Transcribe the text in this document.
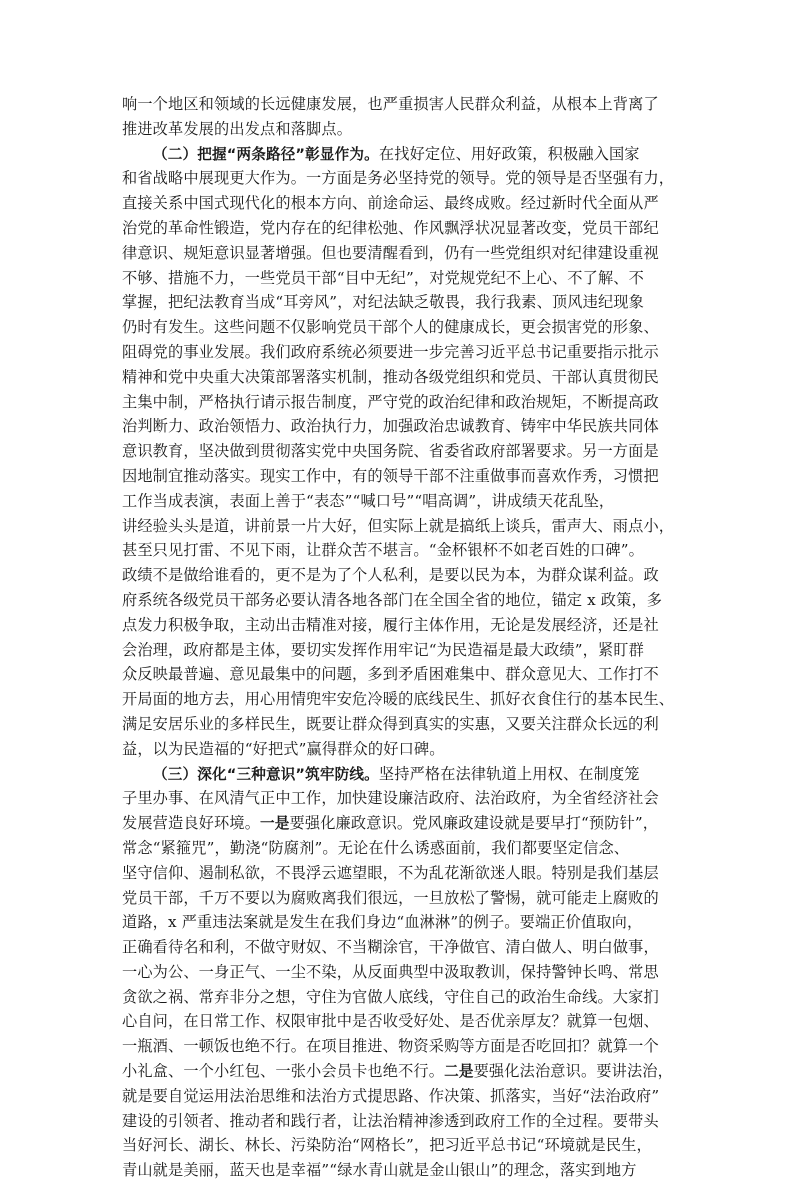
响一个地区和领域的长远健康发展，也严重损害人民群众利益，从根本上背离了
推进改革发展的出发点和落脚点。
（二）把握“两条路径”彰显作为。在找好定位、用好政策，积极融入国家
和省战略中展现更大作为。一方面是务必坚持党的领导。党的领导是否坚强有力，
直接关系中国式现代化的根本方向、前途命运、最终成败。经过新时代全面从严
治党的革命性锻造，党内存在的纪律松弛、作风飘浮状况显著改变，党员干部纪
律意识、规矩意识显著增强。但也要清醒看到，仍有一些党组织对纪律建设重视
不够、措施不力，一些党员干部“目中无纪”，对党规党纪不上心、不了解、不
掌握，把纪法教育当成“耳旁风”，对纪法缺乏敬畏，我行我素、顶风违纪现象
仍时有发生。这些问题不仅影响党员干部个人的健康成长，更会损害党的形象、
阻碍党的事业发展。我们政府系统必须要进一步完善习近平总书记重要指示批示
精神和党中央重大决策部署落实机制，推动各级党组织和党员、干部认真贯彻民
主集中制，严格执行请示报告制度，严守党的政治纪律和政治规矩，不断提高政
治判断力、政治领悟力、政治执行力，加强政治忠诚教育、铸牢中华民族共同体
意识教育，坚决做到贯彻落实党中央国务院、省委省政府部署要求。另一方面是
因地制宜推动落实。现实工作中，有的领导干部不注重做事而喜欢作秀，习惯把
工作当成表演，表面上善于“表态”“喊口号”“唱高调”，讲成绩天花乱坠，
讲经验头头是道，讲前景一片大好，但实际上就是搞纸上谈兵，雷声大、雨点小，
甚至只见打雷、不见下雨，让群众苦不堪言。“金杯银杯不如老百姓的口碑”。
政绩不是做给谁看的，更不是为了个人私利，是要以民为本，为群众谋利益。政
府系统各级党员干部务必要认清各地各部门在全国全省的地位，锚定 x 政策，多
点发力积极争取，主动出击精准对接，履行主体作用，无论是发展经济，还是社
会治理，政府都是主体，要切实发挥作用牢记“为民造福是最大政绩”，紧盯群
众反映最普遍、意见最集中的问题，多到矛盾困难集中、群众意见大、工作打不
开局面的地方去，用心用情兜牢安危冷暖的底线民生、抓好衣食住行的基本民生、
满足安居乐业的多样民生，既要让群众得到真实的实惠，又要关注群众长远的利
益，以为民造福的“好把式”赢得群众的好口碑。
（三）深化“三种意识”筑牢防线。坚持严格在法律轨道上用权、在制度笼
子里办事、在风清气正中工作，加快建设廉洁政府、法治政府，为全省经济社会
发展营造良好环境。一是要强化廉政意识。党风廉政建设就是要早打“预防针”，
常念“紧箍咒”，勤浇“防腐剂”。无论在什么诱惑面前，我们都要坚定信念、
坚守信仰、遏制私欲，不畏浮云遮望眼，不为乱花渐欲迷人眼。特别是我们基层
党员干部，千万不要以为腐败离我们很远，一旦放松了警惕，就可能走上腐败的
道路，x 严重违法案就是发生在我们身边“血淋淋”的例子。要端正价值取向，
正确看待名和利，不做守财奴、不当糊涂官，干净做官、清白做人、明白做事，
一心为公、一身正气、一尘不染，从反面典型中汲取教训，保持警钟长鸣、常思
贪欲之祸、常弃非分之想，守住为官做人底线，守住自己的政治生命线。大家扪
心自问，在日常工作、权限审批中是否收受好处、是否优亲厚友？就算一包烟、
一瓶酒、一顿饭也绝不行。在项目推进、物资采购等方面是否吃回扣？就算一个
小礼盒、一个小红包、一张小会员卡也绝不行。二是要强化法治意识。要讲法治，
就是要自觉运用法治思维和法治方式提思路、作决策、抓落实，当好“法治政府”
建设的引领者、推动者和践行者，让法治精神渗透到政府工作的全过程。要带头
当好河长、湖长、林长、污染防治“网格长”，把习近平总书记“环境就是民生，
青山就是美丽，蓝天也是幸福”“绿水青山就是金山银山”的理念，落实到地方
